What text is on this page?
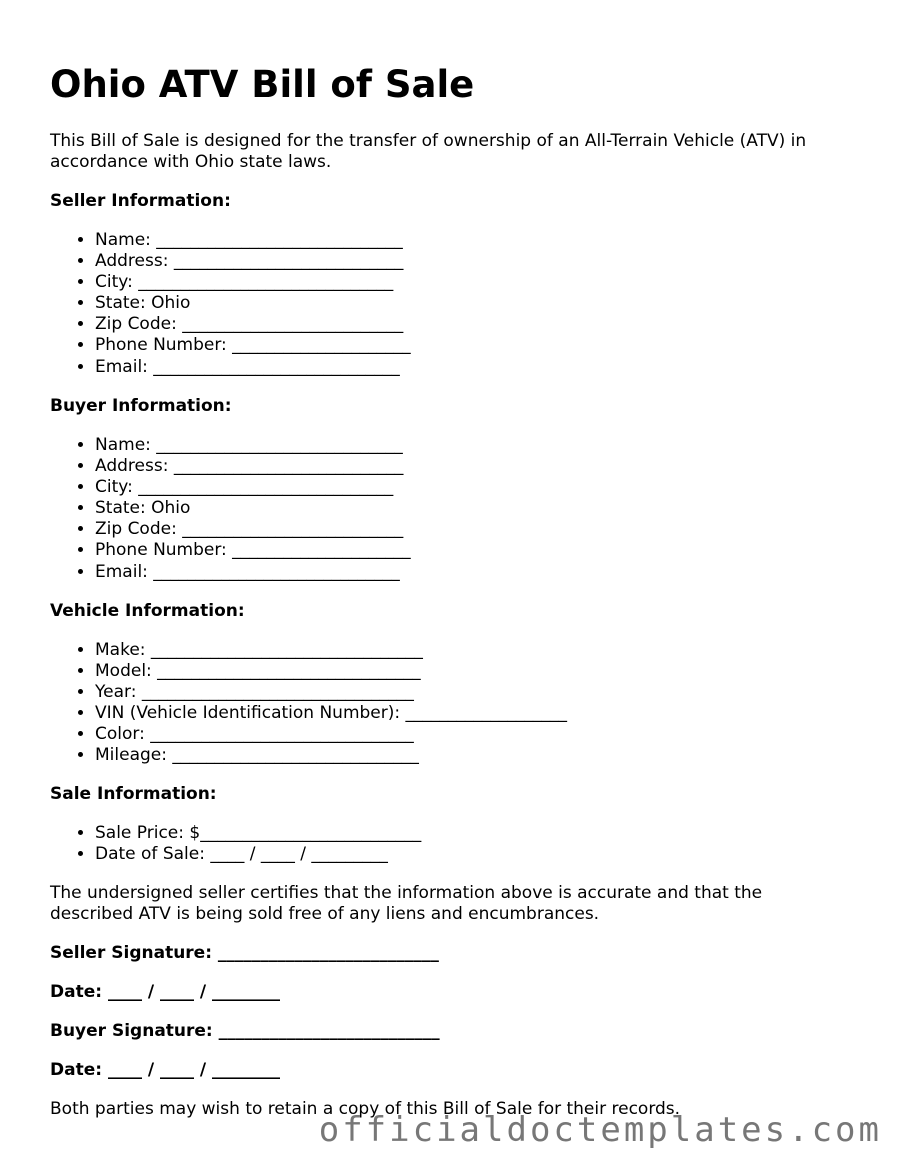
Ohio ATV Bill of Sale

This Bill of Sale is designed for the transfer of ownership of an All-Terrain Vehicle (ATV) in accordance with Ohio state laws.

Seller Information:

• Name: _____________________________
• Address: ___________________________
• City: ______________________________
• State: Ohio
• Zip Code: __________________________
• Phone Number: _____________________
• Email: _____________________________

Buyer Information:

• Name: _____________________________
• Address: ___________________________
• City: ______________________________
• State: Ohio
• Zip Code: __________________________
• Phone Number: _____________________
• Email: _____________________________

Vehicle Information:

• Make: ________________________________
• Model: _______________________________
• Year: ________________________________
• VIN (Vehicle Identification Number): ___________________
• Color: _______________________________
• Mileage: _____________________________

Sale Information:

• Sale Price: $__________________________
• Date of Sale: ____ / ____ / _________

The undersigned seller certifies that the information above is accurate and that the described ATV is being sold free of any liens and encumbrances.

Seller Signature: __________________________

Date: ____ / ____ / ________

Buyer Signature: __________________________

Date: ____ / ____ / ________

Both parties may wish to retain a copy of this Bill of Sale for their records.

officialdoctemplates.com
